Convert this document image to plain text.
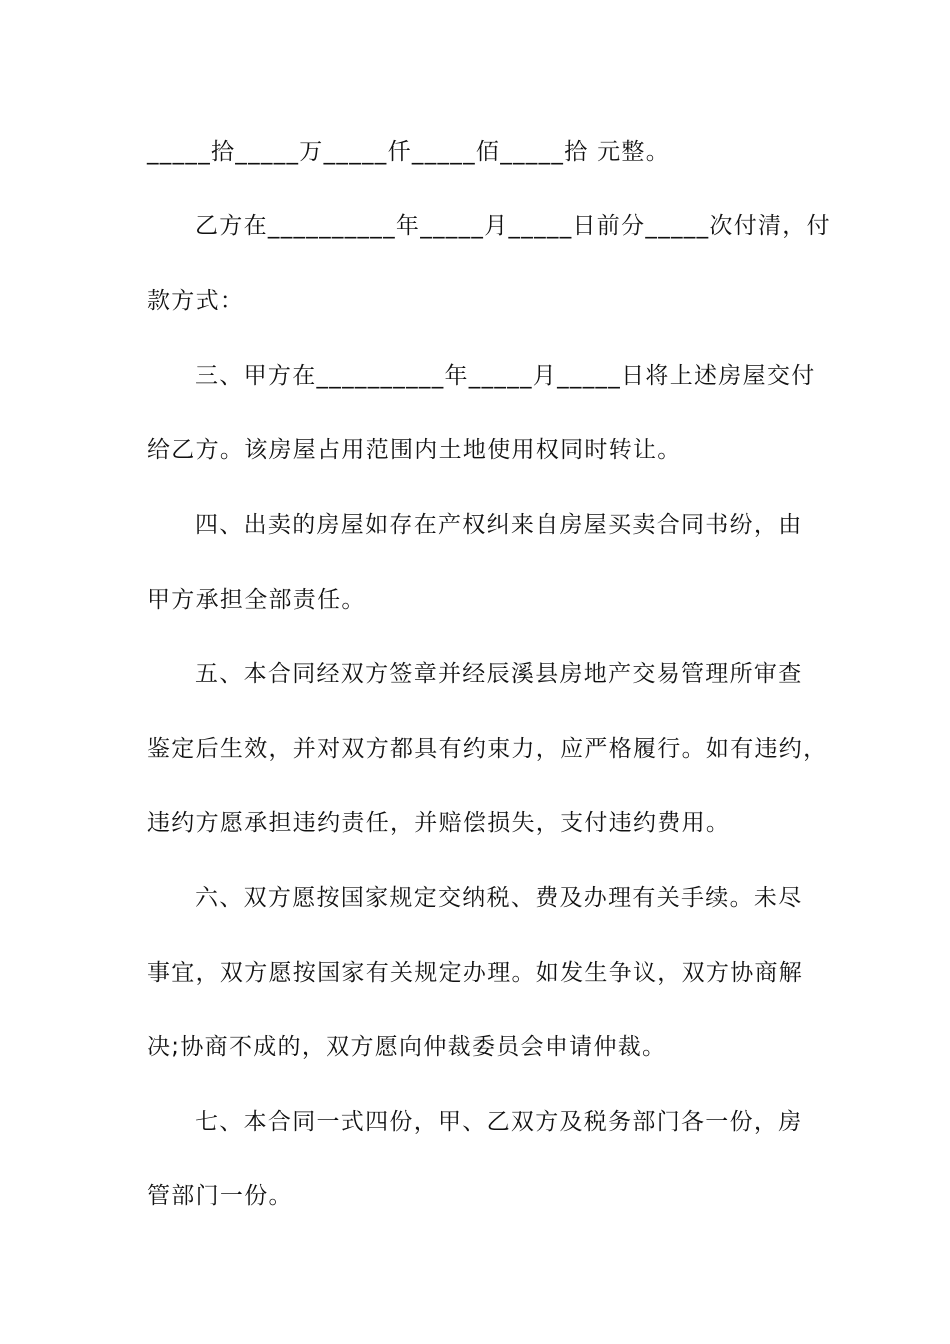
_____拾_____万_____仟_____佰_____拾 元整。

乙方在__________年_____月_____日前分_____次付清，付

款方式：

三、甲方在__________年_____月_____日将上述房屋交付

给乙方。该房屋占用范围内土地使用权同时转让。

四、出卖的房屋如存在产权纠来自房屋买卖合同书纷，由

甲方承担全部责任。

五、本合同经双方签章并经辰溪县房地产交易管理所审查

鉴定后生效，并对双方都具有约束力，应严格履行。如有违约，

违约方愿承担违约责任，并赔偿损失，支付违约费用。

六、双方愿按国家规定交纳税、费及办理有关手续。未尽

事宜，双方愿按国家有关规定办理。如发生争议，双方协商解

决;协商不成的，双方愿向仲裁委员会申请仲裁。

七、本合同一式四份，甲、乙双方及税务部门各一份，房

管部门一份。
